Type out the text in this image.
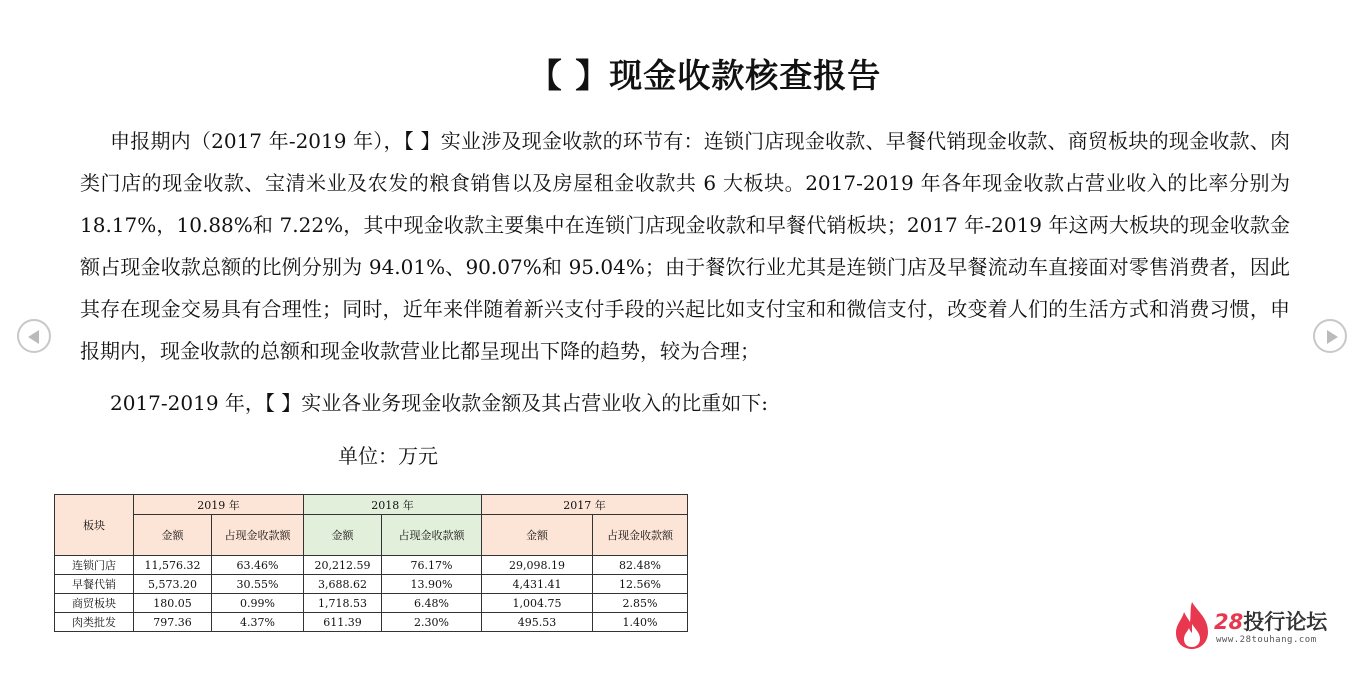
【 】现金收款核查报告

申报期内（2017 年-2019 年），【 】实业涉及现金收款的环节有：连锁门店现金收款、早餐代销现金收款、商贸板块的现金收款、肉类门店的现金收款、宝清米业及农发的粮食销售以及房屋租金收款共 6 大板块。2017-2019 年各年现金收款占营业收入的比率分别为 18.17%，10.88%和 7.22%，其中现金收款主要集中在连锁门店现金收款和早餐代销板块；2017 年-2019 年这两大板块的现金收款金额占现金收款总额的比例分别为 94.01%、90.07%和 95.04%；由于餐饮行业尤其是连锁门店及早餐流动车直接面对零售消费者，因此其存在现金交易具有合理性；同时，近年来伴随着新兴支付手段的兴起比如支付宝和和微信支付，改变着人们的生活方式和消费习惯，申报期内，现金收款的总额和现金收款营业比都呈现出下降的趋势，较为合理；

2017-2019 年，【 】实业各业务现金收款金额及其占营业收入的比重如下:

单位：万元
板块	2019 年		2018 年		2017 年	
	金额	占现金收款额	金额	占现金收款额	金额	占现金收款额
连锁门店	11,576.32	63.46%	20,212.59	76.17%	29,098.19	82.48%
早餐代销	5,573.20	30.55%	3,688.62	13.90%	4,431.41	12.56%
商贸板块	180.05	0.99%	1,718.53	6.48%	1,004.75	2.85%
肉类批发	797.36	4.37%	611.39	2.30%	495.53	1.40%	28投行论坛
www.28touhang.com
